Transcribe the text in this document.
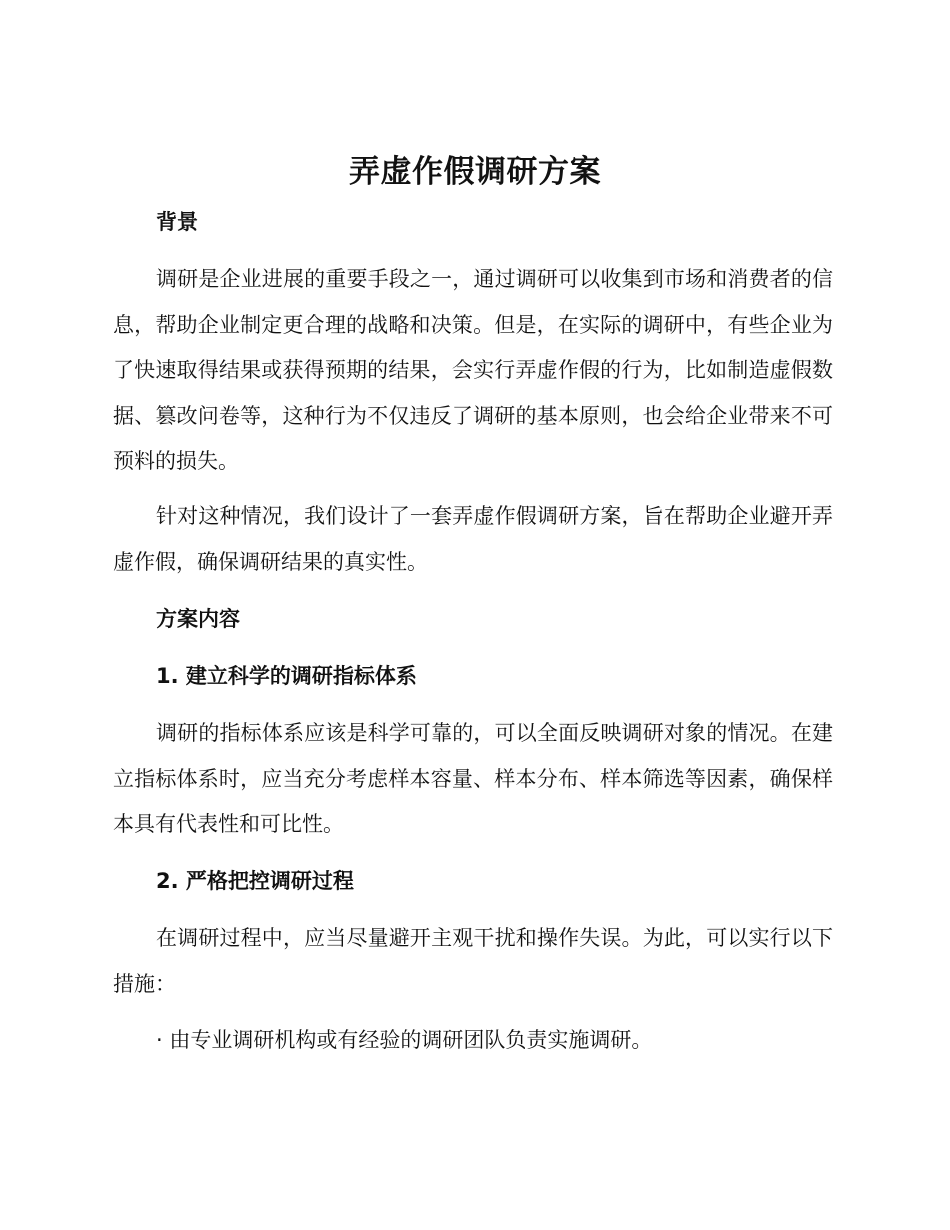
弄虚作假调研方案
背景

调研是企业进展的重要手段之一，通过调研可以收集到市场和消费者的信息，帮助企业制定更合理的战略和决策。但是，在实际的调研中，有些企业为了快速取得结果或获得预期的结果，会实行弄虚作假的行为，比如制造虚假数据、篡改问卷等，这种行为不仅违反了调研的基本原则，也会给企业带来不可预料的损失。

针对这种情况，我们设计了一套弄虚作假调研方案，旨在帮助企业避开弄虚作假，确保调研结果的真实性。

方案内容
1. 建立科学的调研指标体系

调研的指标体系应该是科学可靠的，可以全面反映调研对象的情况。在建立指标体系时，应当充分考虑样本容量、样本分布、样本筛选等因素，确保样本具有代表性和可比性。

2. 严格把控调研过程

在调研过程中，应当尽量避开主观干扰和操作失误。为此，可以实行以下措施：

· 由专业调研机构或有经验的调研团队负责实施调研。
